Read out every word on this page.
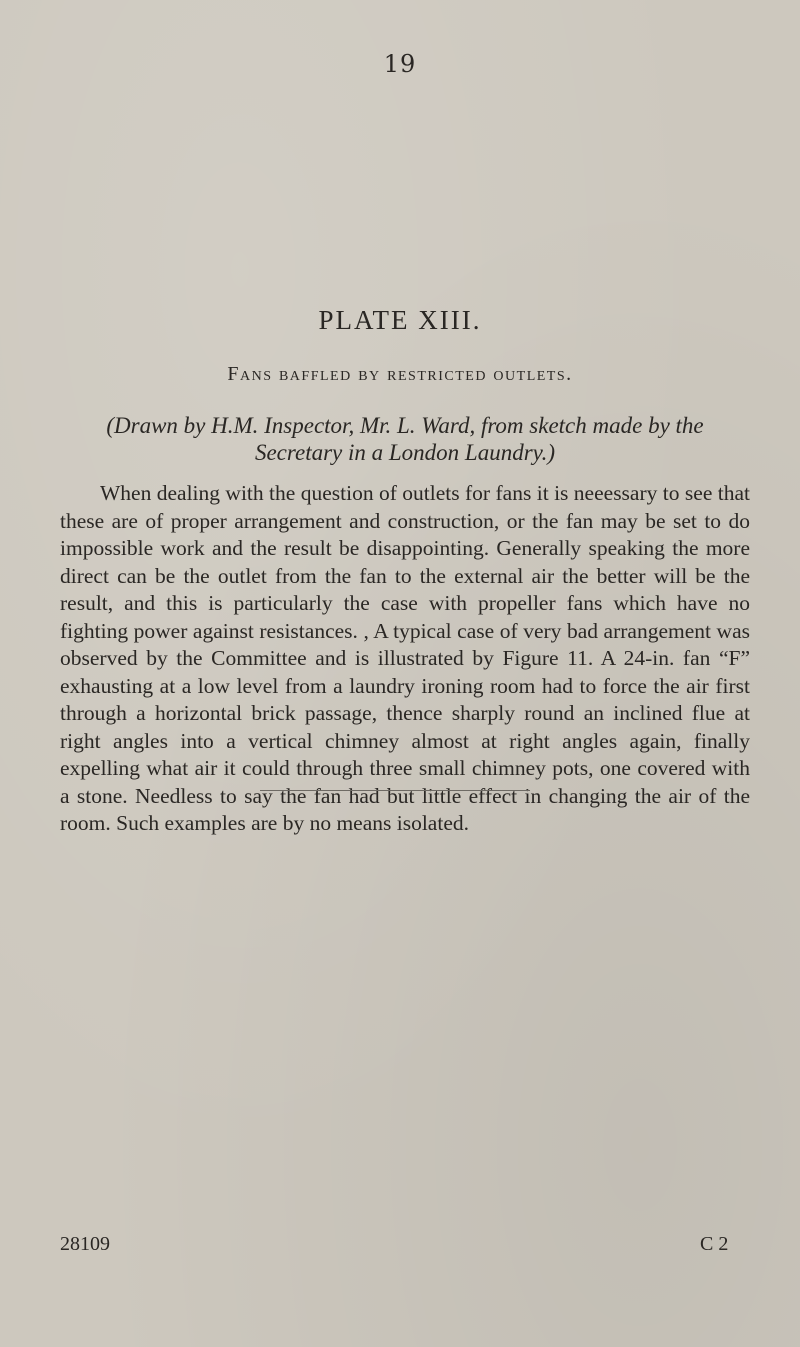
19
PLATE XIII.
Fans baffled by restricted outlets.
(Drawn by H.M. Inspector, Mr. L. Ward, from sketch made by the Secretary in a London Laundry.)

When dealing with the question of outlets for fans it is neeessary to see that these are of proper arrangement and construction, or the fan may be set to do impossible work and the result be disappointing. Generally speaking the more direct can be the outlet from the fan to the external air the better will be the result, and this is particularly the case with propeller fans which have no fighting power against resistances. , A typical case of very bad arrangement was observed by the Committee and is illustrated by Figure 11. A 24-in. fan “F” exhausting at a low level from a laundry ironing room had to force the air first through a horizontal brick passage, thence sharply round an inclined flue at right angles into a vertical chimney almost at right angles again, finally expelling what air it could through three small chimney pots, one covered with a stone. Needless to say the fan had but little effect in changing the air of the room. Such examples are by no means isolated.

28109	C 2
